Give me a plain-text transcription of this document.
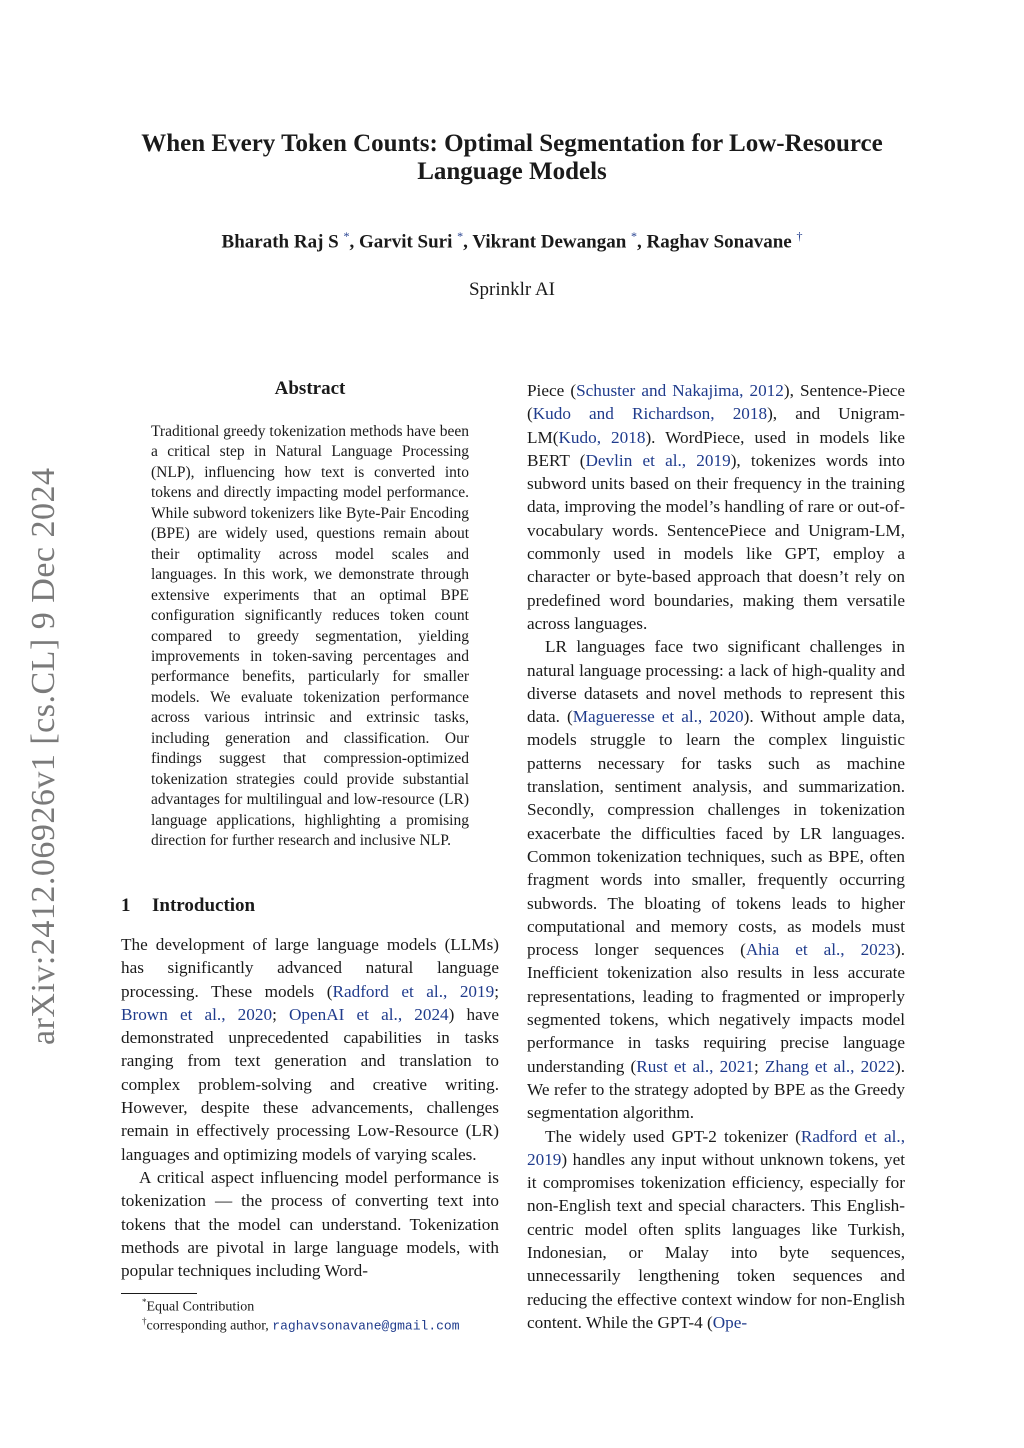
arXiv:2412.06926v1 [cs.CL] 9 Dec 2024
When Every Token Counts: Optimal Segmentation for Low-Resource
Language Models
Bharath Raj S *, Garvit Suri *, Vikrant Dewangan *, Raghav Sonavane †
Sprinklr AI
Abstract
Traditional greedy tokenization methods have been a critical step in Natural Language Processing (NLP), influencing how text is converted into tokens and directly impacting model performance. While subword tokenizers like Byte-Pair Encoding (BPE) are widely used, questions remain about their optimality across model scales and languages. In this work, we demonstrate through extensive experiments that an optimal BPE configuration significantly reduces token count compared to greedy segmentation, yielding improvements in token-saving percentages and performance benefits, particularly for smaller models. We evaluate tokenization performance across various intrinsic and extrinsic tasks, including generation and classification. Our findings suggest that compression-optimized tokenization strategies could provide substantial advantages for multilingual and low-resource (LR) language applications, highlighting a promising direction for further research and inclusive NLP.
1 Introduction

The development of large language models (LLMs) has significantly advanced natural language processing. These models (Radford et al., 2019; Brown et al., 2020; OpenAI et al., 2024) have demonstrated unprecedented capabilities in tasks ranging from text generation and translation to complex problem-solving and creative writing. However, despite these advancements, challenges remain in effectively processing Low-Resource (LR) languages and optimizing models of varying scales.

A critical aspect influencing model performance is tokenization — the process of converting text into tokens that the model can understand. Tokenization methods are pivotal in large language models, with popular techniques including Word-

*Equal Contribution
†corresponding author, raghavsonavane@gmail.com

Piece (Schuster and Nakajima, 2012), Sentence-Piece (Kudo and Richardson, 2018), and Unigram-LM(Kudo, 2018). WordPiece, used in models like BERT (Devlin et al., 2019), tokenizes words into subword units based on their frequency in the training data, improving the model’s handling of rare or out-of-vocabulary words. SentencePiece and Unigram-LM, commonly used in models like GPT, employ a character or byte-based approach that doesn’t rely on predefined word boundaries, making them versatile across languages.

LR languages face two significant challenges in natural language processing: a lack of high-quality and diverse datasets and novel methods to represent this data. (Magueresse et al., 2020). Without ample data, models struggle to learn the complex linguistic patterns necessary for tasks such as machine translation, sentiment analysis, and summarization. Secondly, compression challenges in tokenization exacerbate the difficulties faced by LR languages. Common tokenization techniques, such as BPE, often fragment words into smaller, frequently occurring subwords. The bloating of tokens leads to higher computational and memory costs, as models must process longer sequences (Ahia et al., 2023). Inefficient tokenization also results in less accurate representations, leading to fragmented or improperly segmented tokens, which negatively impacts model performance in tasks requiring precise language understanding (Rust et al., 2021; Zhang et al., 2022). We refer to the strategy adopted by BPE as the Greedy segmentation algorithm.

The widely used GPT-2 tokenizer (Radford et al., 2019) handles any input without unknown tokens, yet it compromises tokenization efficiency, especially for non-English text and special characters. This English-centric model often splits languages like Turkish, Indonesian, or Malay into byte sequences, unnecessarily lengthening token sequences and reducing the effective context window for non-English content. While the GPT-4 (Ope-
